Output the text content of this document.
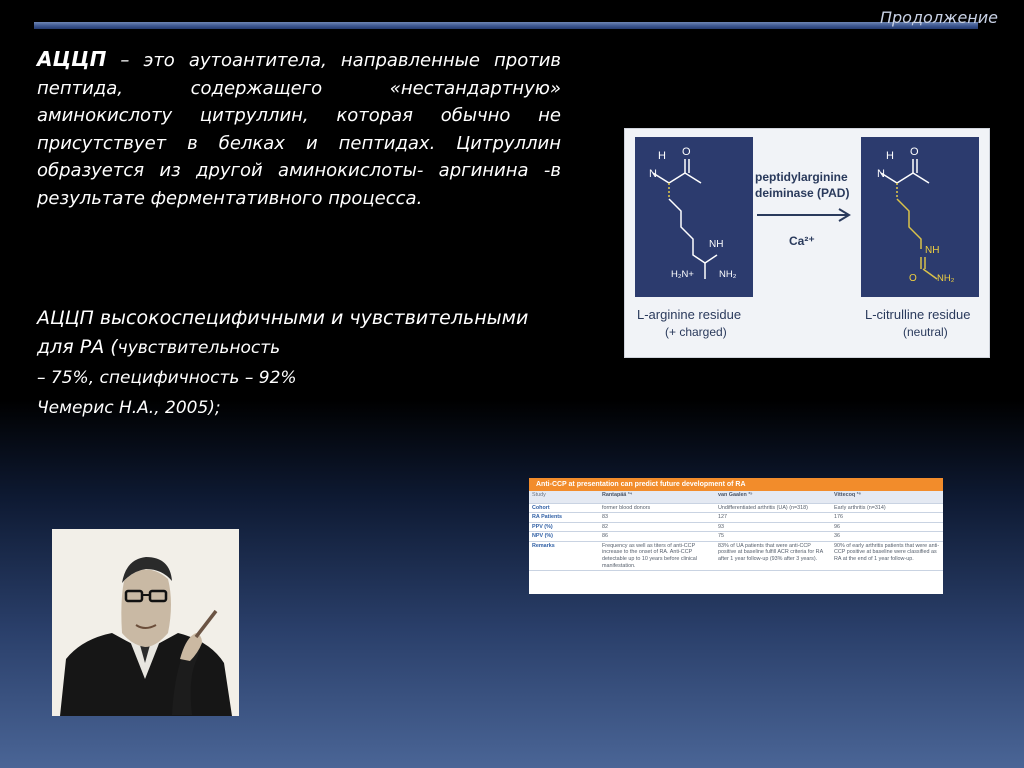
Продолжение
АЦЦП – это аутоантитела, направленные против пептида, содержащего «нестандартную» аминокислоту цитруллин, которая обычно не присутствует в белках и пептидах. Цитруллин образуется из другой аминокислоты- аргинина -в результате ферментативного процесса.
АЦЦП высокоспецифичными и чувствительными для РА (чувствительность
– 75%, специфичность – 92%
Чемерис Н.А., 2005);
H
N
O
NH
H₂N+	NH₂
peptidylarginine
deiminase (PAD)
Ca²⁺
H
N
O
NH
O NH₂
L-arginine residue
(+ charged)
L-citrulline residue
(neutral)
Anti-CCP at presentation can predict future development of RA
Study	Rantapää ³⁴	van Gaalen ³⁵	Vittecoq ³⁶
Cohort	former blood donors	Undifferentiated arthritis (UA) (n=318)	Early arthritis (n=314)
RA Patients	83	127	176
PPV (%)	82	93	96
NPV (%)	86	75	36
Remarks	Frequency as well as titers of anti-CCP increase to the onset of RA. Anti-CCP detectable up to 10 years before clinical manifestation.	83% of UA patients that were anti-CCP positive at baseline fulfill ACR criteria for RA after 1 year follow-up (93% after 3 years).	90% of early arthritis patients that were anti-CCP positive at baseline were classified as RA at the end of 1 year follow-up.
